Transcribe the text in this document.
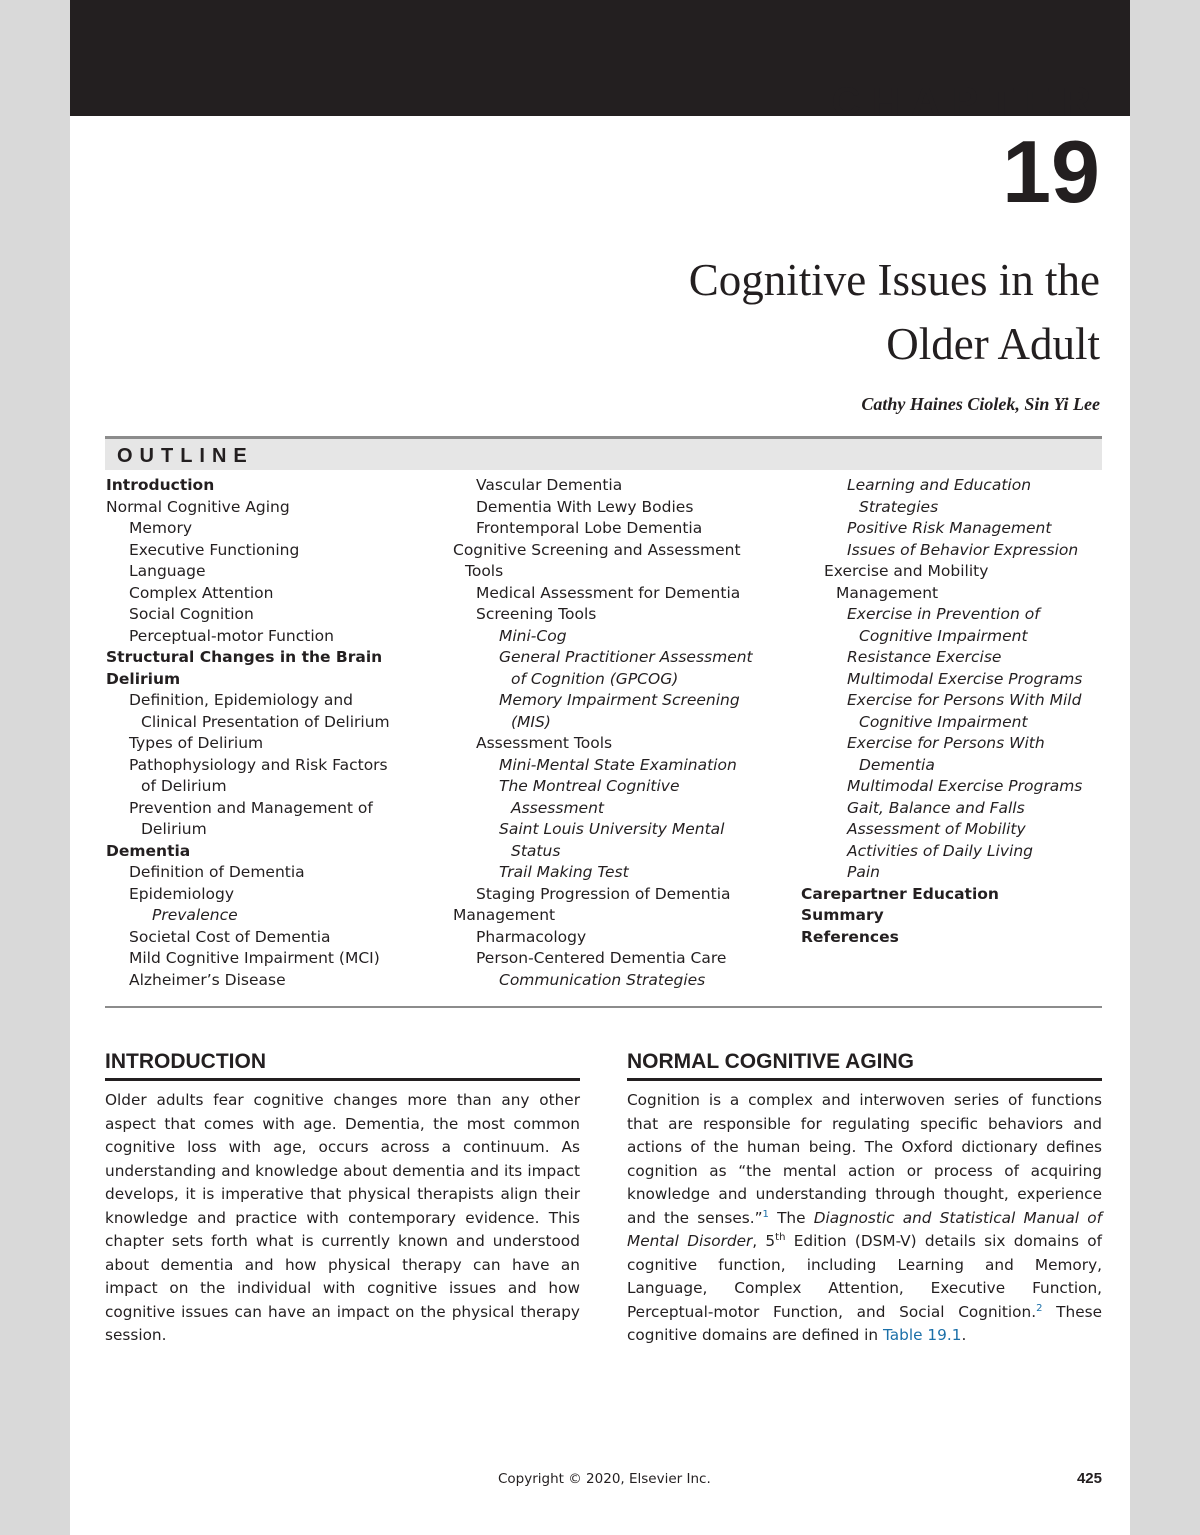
CHAPTER
19
Cognitive Issues in the
Older Adult
Cathy Haines Ciolek, Sin Yi Lee
OUTLINE
Introduction
Normal Cognitive Aging
Memory
Executive Functioning
Language
Complex Attention
Social Cognition
Perceptual-motor Function
Structural Changes in the Brain
Delirium
Definition, Epidemiology and
Clinical Presentation of Delirium
Types of Delirium
Pathophysiology and Risk Factors
of Delirium
Prevention and Management of
Delirium
Dementia
Definition of Dementia
Epidemiology
Prevalence
Societal Cost of Dementia
Mild Cognitive Impairment (MCI)
Alzheimer’s Disease
Vascular Dementia
Dementia With Lewy Bodies
Frontemporal Lobe Dementia
Cognitive Screening and Assessment
Tools
Medical Assessment for Dementia
Screening Tools
Mini-Cog
General Practitioner Assessment
of Cognition (GPCOG)
Memory Impairment Screening
(MIS)
Assessment Tools
Mini-Mental State Examination
The Montreal Cognitive
Assessment
Saint Louis University Mental
Status
Trail Making Test
Staging Progression of Dementia
Management
Pharmacology
Person-Centered Dementia Care
Communication Strategies
Learning and Education
Strategies
Positive Risk Management
Issues of Behavior Expression
Exercise and Mobility
Management
Exercise in Prevention of
Cognitive Impairment
Resistance Exercise
Multimodal Exercise Programs
Exercise for Persons With Mild
Cognitive Impairment
Exercise for Persons With
Dementia
Multimodal Exercise Programs
Gait, Balance and Falls
Assessment of Mobility
Activities of Daily Living
Pain
Carepartner Education
Summary
References
INTRODUCTION
Older adults fear cognitive changes more than any other aspect that comes with age. Dementia, the most common cognitive loss with age, occurs across a continuum. As understanding and knowledge about dementia and its impact develops, it is imperative that physical therapists align their knowledge and practice with contemporary evidence. This chapter sets forth what is currently known and understood about dementia and how physical therapy can have an impact on the individual with cognitive issues and how cognitive issues can have an impact on the physical therapy session.
NORMAL COGNITIVE AGING
Cognition is a complex and interwoven series of functions that are responsible for regulating specific behaviors and actions of the human being. The Oxford dictionary defines cognition as “the mental action or process of acquiring knowledge and understanding through thought, experience and the senses.”$^1$ The Diagnostic and Statistical Manual of Mental Disorder, 5th Edition (DSM-V) details six domains of cognitive function, including Learning and Memory, Language, Complex Attention, Executive Function, Perceptual-motor Function, and Social Cognition.$^2$ These cognitive domains are defined in Table 19.1.
Copyright © 2020, Elsevier Inc.	425
